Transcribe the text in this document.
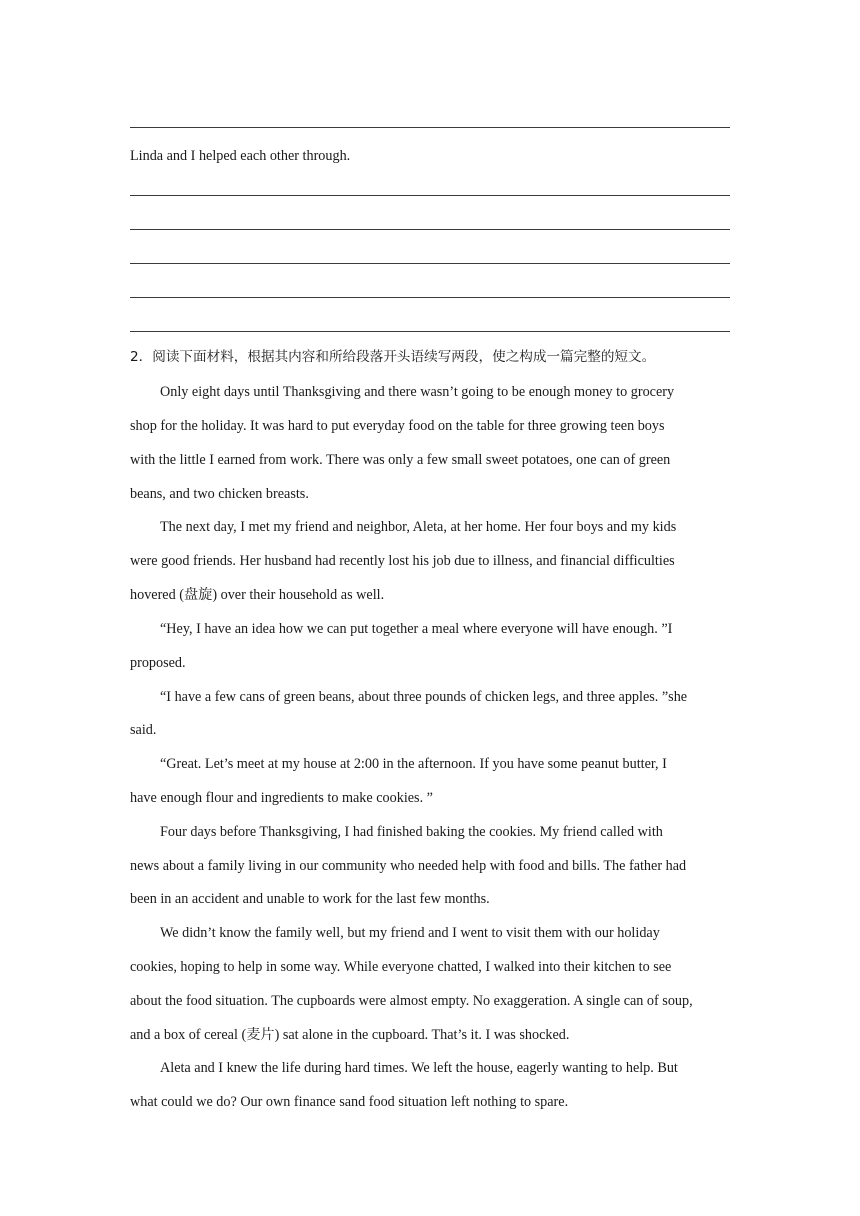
Linda and I helped each other through.
2．阅读下面材料，根据其内容和所给段落开头语续写两段，使之构成一篇完整的短文。
Only eight days until Thanksgiving and there wasn’t going to be enough money to grocery
shop for the holiday. It was hard to put everyday food on the table for three growing teen boys
with the little I earned from work. There was only a few small sweet potatoes, one can of green
beans, and two chicken breasts.
The next day, I met my friend and neighbor, Aleta, at her home. Her four boys and my kids
were good friends. Her husband had recently lost his job due to illness, and financial difficulties
hovered (盘旋) over their household as well.
“Hey, I have an idea how we can put together a meal where everyone will have enough. ”I
proposed.
“I have a few cans of green beans, about three pounds of chicken legs, and three apples. ”she
said.
“Great. Let’s meet at my house at 2:00 in the afternoon. If you have some peanut butter, I
have enough flour and ingredients to make cookies. ”
Four days before Thanksgiving, I had finished baking the cookies. My friend called with
news about a family living in our community who needed help with food and bills. The father had
been in an accident and unable to work for the last few months.
We didn’t know the family well, but my friend and I went to visit them with our holiday
cookies, hoping to help in some way. While everyone chatted, I walked into their kitchen to see
about the food situation. The cupboards were almost empty. No exaggeration. A single can of soup,
and a box of cereal (麦片) sat alone in the cupboard. That’s it. I was shocked.
Aleta and I knew the life during hard times. We left the house, eagerly wanting to help. But
what could we do? Our own finance sand food situation left nothing to spare.
